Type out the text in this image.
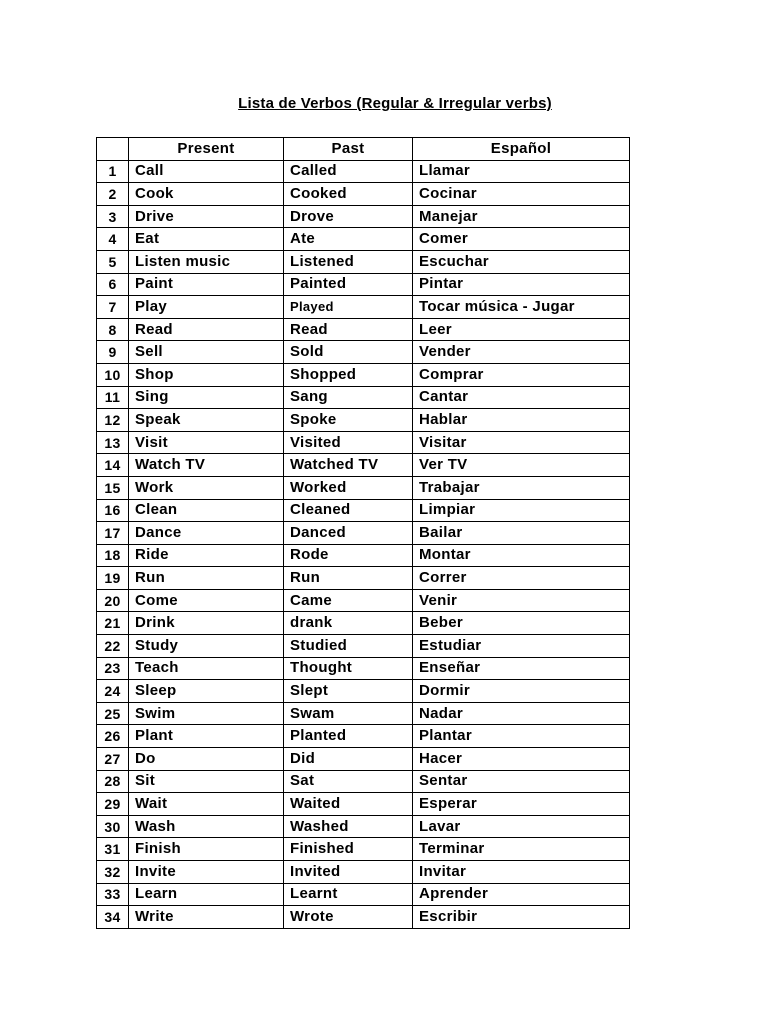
Lista de Verbos (Regular & Irregular verbs)
	Present	Past	Español
1	Call	Called	Llamar
2	Cook	Cooked	Cocinar
3	Drive	Drove	Manejar
4	Eat	Ate	Comer
5	Listen music	Listened	Escuchar
6	Paint	Painted	Pintar
7	Play	Played	Tocar música - Jugar
8	Read	Read	Leer
9	Sell	Sold	Vender
10	Shop	Shopped	Comprar
11	Sing	Sang	Cantar
12	Speak	Spoke	Hablar
13	Visit	Visited	Visitar
14	Watch TV	Watched TV	Ver TV
15	Work	Worked	Trabajar
16	Clean	Cleaned	Limpiar
17	Dance	Danced	Bailar
18	Ride	Rode	Montar
19	Run	Run	Correr
20	Come	Came	Venir
21	Drink	drank	Beber
22	Study	Studied	Estudiar
23	Teach	Thought	Enseñar
24	Sleep	Slept	Dormir
25	Swim	Swam	Nadar
26	Plant	Planted	Plantar
27	Do	Did	Hacer
28	Sit	Sat	Sentar
29	Wait	Waited	Esperar
30	Wash	Washed	Lavar
31	Finish	Finished	Terminar
32	Invite	Invited	Invitar
33	Learn	Learnt	Aprender
34	Write	Wrote	Escribir
